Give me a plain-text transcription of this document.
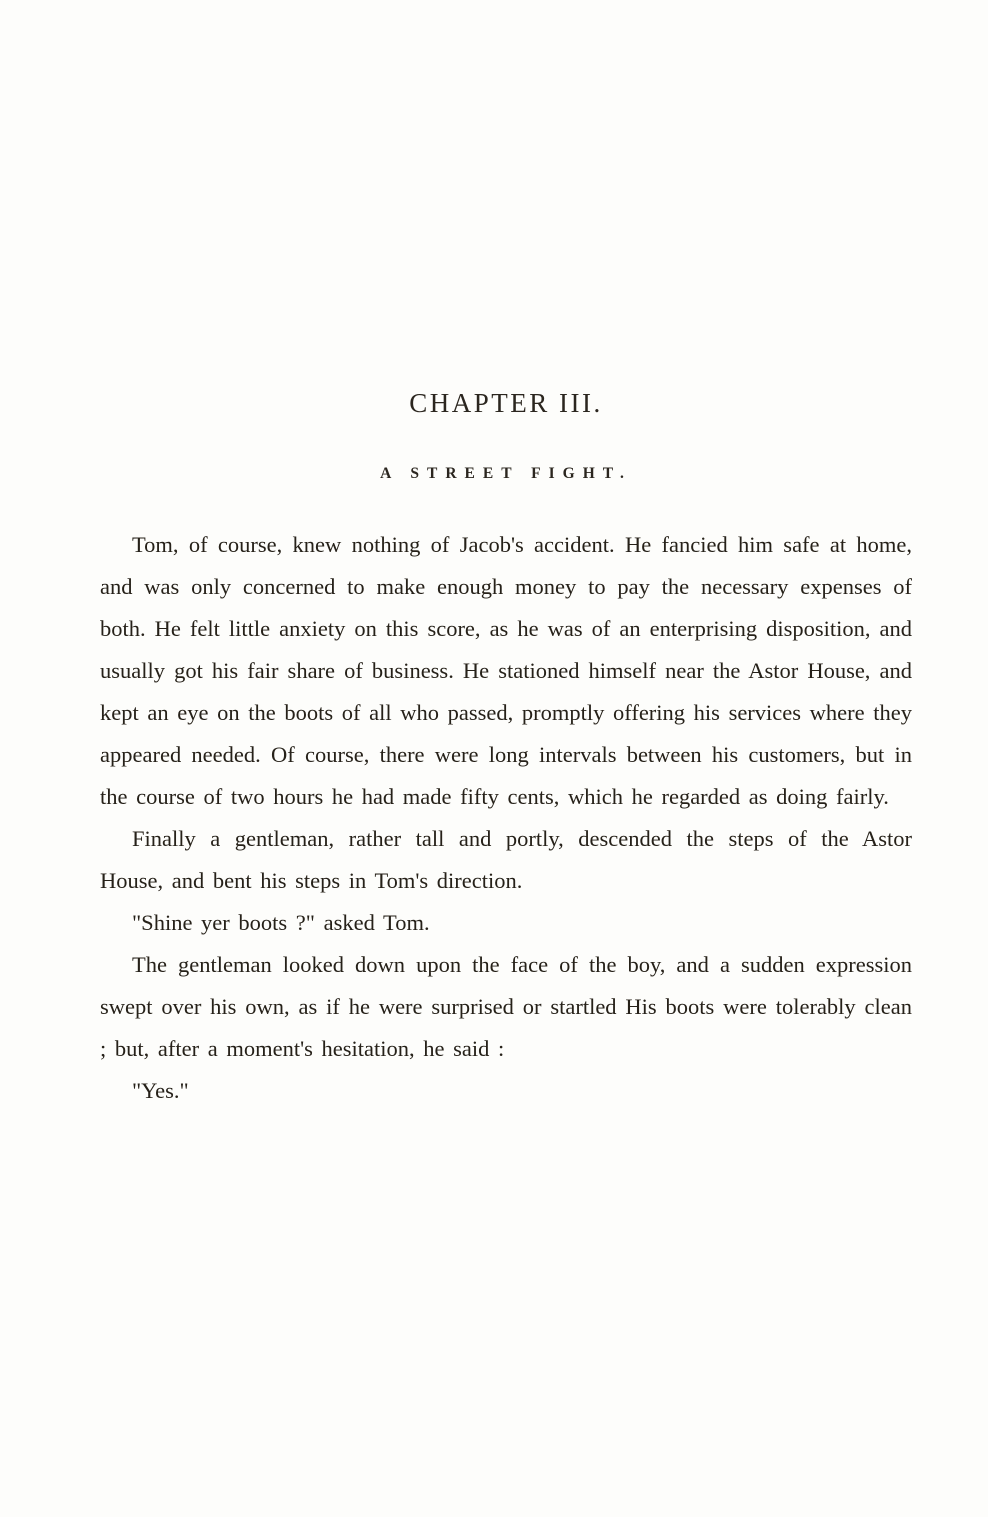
CHAPTER III.
A STREET FIGHT.

Tom, of course, knew nothing of Jacob's accident. He fancied him safe at home, and was only concerned to make enough money to pay the necessary expenses of both. He felt little anxiety on this score, as he was of an enterprising disposition, and usually got his fair share of business. He stationed himself near the Astor House, and kept an eye on the boots of all who passed, promptly offering his services where they appeared needed. Of course, there were long intervals between his customers, but in the course of two hours he had made fifty cents, which he regarded as doing fairly.

Finally a gentleman, rather tall and portly, descended the steps of the Astor House, and bent his steps in Tom's direction.

"Shine yer boots ?" asked Tom.

The gentleman looked down upon the face of the boy, and a sudden expression swept over his own, as if he were surprised or startled His boots were tolerably clean ; but, after a moment's hesitation, he said :

"Yes."
